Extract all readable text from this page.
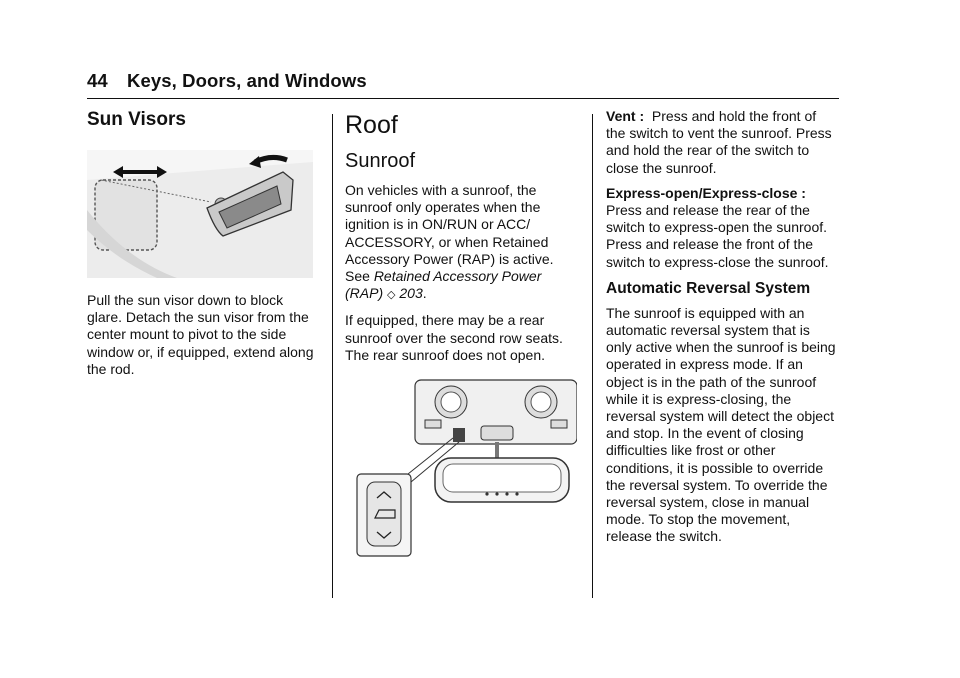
44 Keys, Doors, and Windows
Sun Visors

Pull the sun visor down to block glare. Detach the sun visor from the center mount to pivot to the side window or, if equipped, extend along the rod.

Roof
Sunroof

On vehicles with a sunroof, the sunroof only operates when the ignition is in ON/RUN or ACC/ ACCESSORY, or when Retained Accessory Power (RAP) is active. See Retained Accessory Power (RAP) ◇ 203.

If equipped, there may be a rear sunroof over the second row seats. The rear sunroof does not open.

Vent : Press and hold the front of the switch to vent the sunroof. Press and hold the rear of the switch to close the sunroof.

Express-open/Express-close :
Press and release the rear of the switch to express-open the sunroof. Press and release the front of the switch to express-close the sunroof.

Automatic Reversal System

The sunroof is equipped with an automatic reversal system that is only active when the sunroof is being operated in express mode. If an object is in the path of the sunroof while it is express-closing, the reversal system will detect the object and stop. In the event of closing difficulties like frost or other conditions, it is possible to override the reversal system. To override the reversal system, close in manual mode. To stop the movement, release the switch.
